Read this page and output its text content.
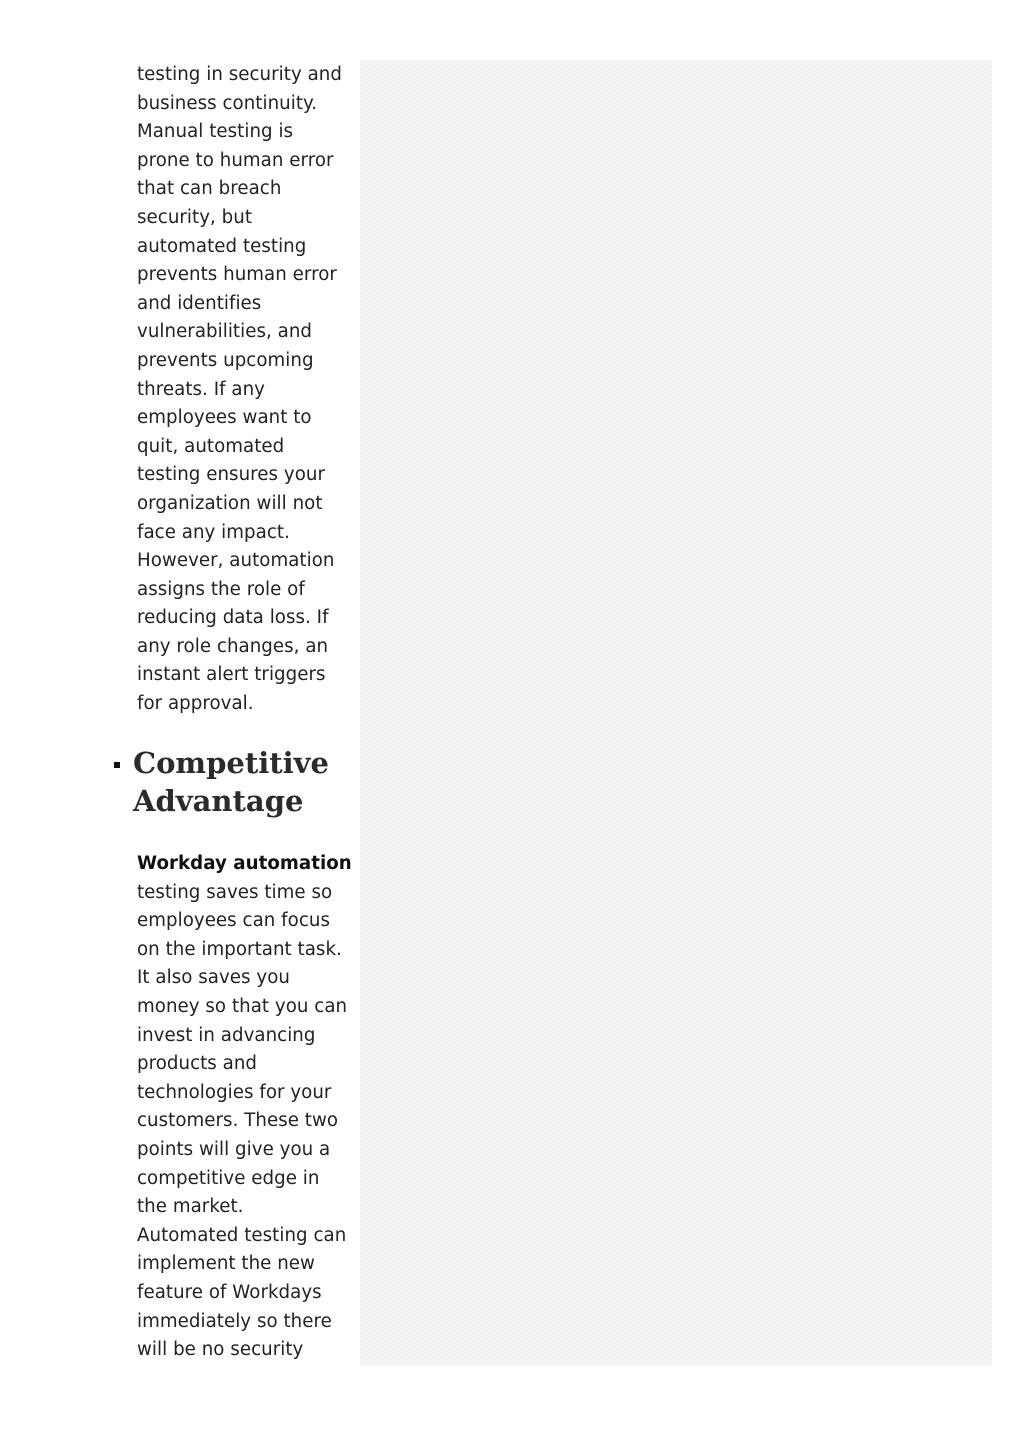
testing in security and
business continuity.
Manual testing is
prone to human error
that can breach
security, but
automated testing
prevents human error
and identifies
vulnerabilities, and
prevents upcoming
threats. If any
employees want to
quit, automated
testing ensures your
organization will not
face any impact.
However, automation
assigns the role of
reducing data loss. If
any role changes, an
instant alert triggers
for approval.

Competitive
Advantage

Workday automation
testing saves time so
employees can focus
on the important task.
It also saves you
money so that you can
invest in advancing
products and
technologies for your
customers. These two
points will give you a
competitive edge in
the market.
Automated testing can
implement the new
feature of Workdays
immediately so there
will be no security
